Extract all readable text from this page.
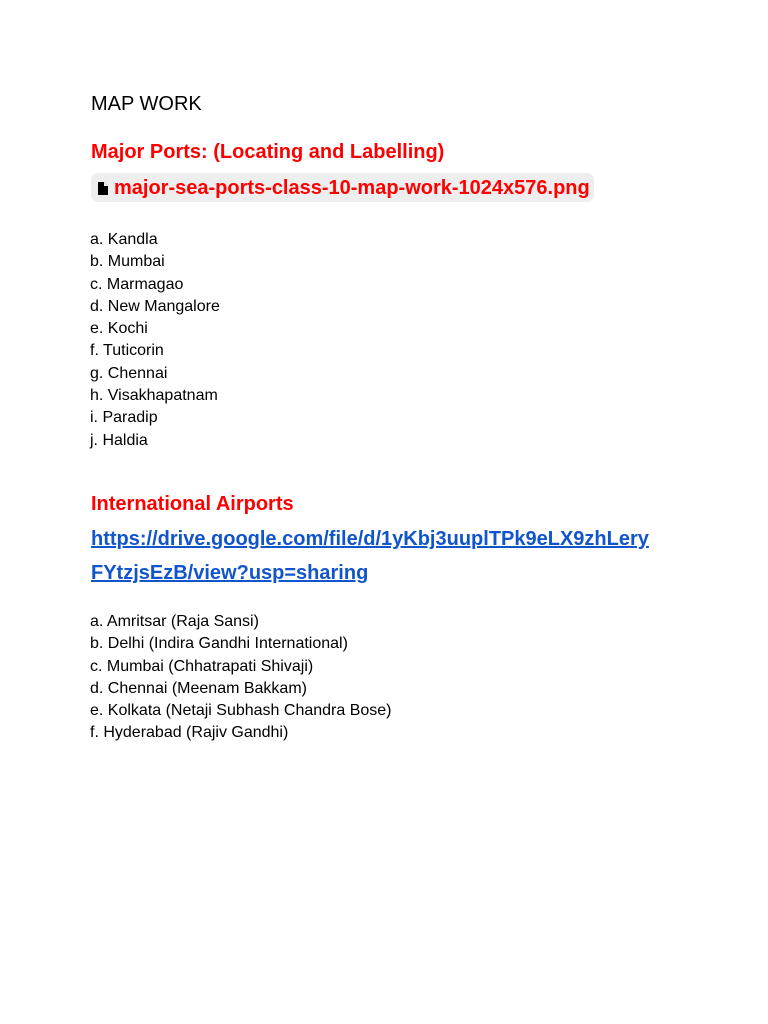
MAP WORK
Major Ports: (Locating and Labelling)
major-sea-ports-class-10-map-work-1024x576.png
a. Kandla
b. Mumbai
c. Marmagao
d. New Mangalore
e. Kochi
f. Tuticorin
g. Chennai
h. Visakhapatnam
i. Paradip
j. Haldia
International Airports
https://drive.google.com/file/d/1yKbj3uuplTPk9eLX9zhLery
FYtzjsEzB/view?usp=sharing
a. Amritsar (Raja Sansi)
b. Delhi (Indira Gandhi International)
c. Mumbai (Chhatrapati Shivaji)
d. Chennai (Meenam Bakkam)
e. Kolkata (Netaji Subhash Chandra Bose)
f. Hyderabad (Rajiv Gandhi)
